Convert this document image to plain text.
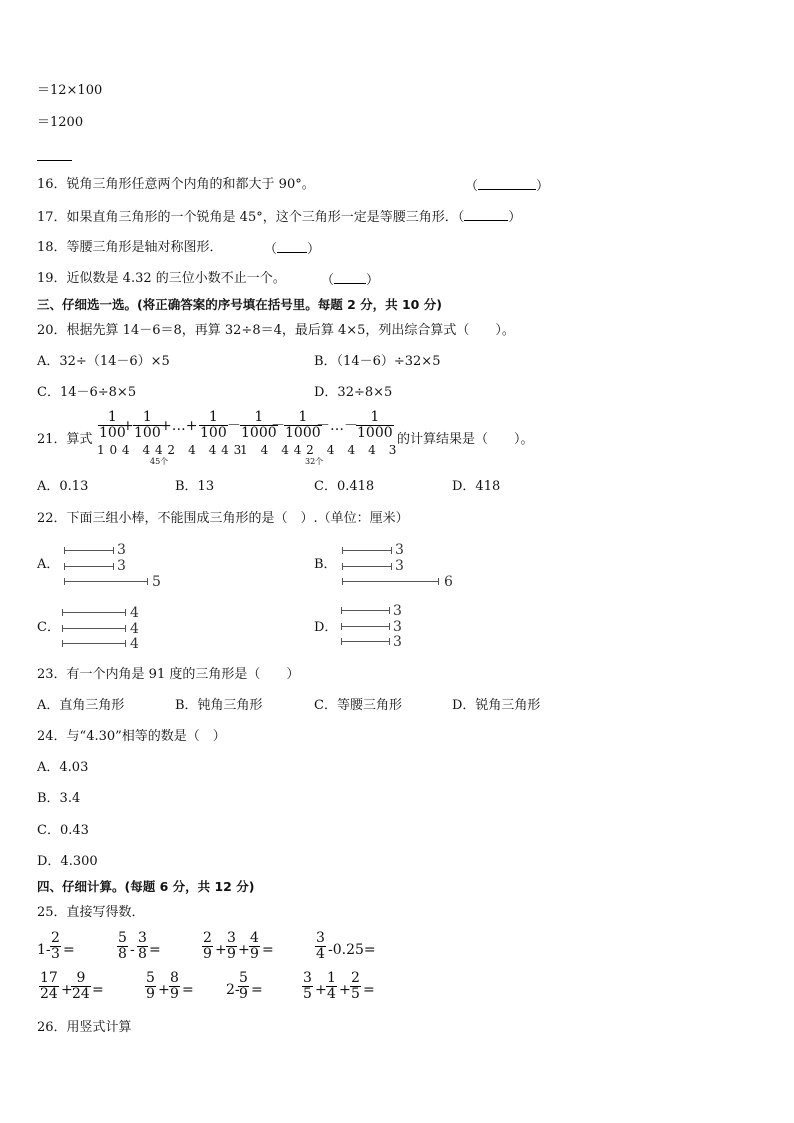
＝12×100
＝1200
16．锐角三角形任意两个内角的和都大于 90°。	（	）
17．如果直角三角形的一个锐角是 45°，这个三角形一定是等腰三角形．（	）
18．等腰三角形是轴对称图形．	（ ）
19．近似数是 4.32 的三位小数不止一个。	（ ）
三、仔细选一选。(将正确答案的序号填在括号里。每题 2 分，共 10 分)
20．根据先算 14－6＝8，再算 32÷8＝4，最后算 4×5，列出综合算式（　　）。
A．32÷（14－6）×5	B．（14－6）÷32×5
C．14－6÷8×5	D．32÷8×5
21．算式
1
100
+
1
100 +…+
1
100 －
1
1000
－
1
1000
－…－
1
1000
1 0 4　4 4 2　4　4 4 3
1　4　4 4 2　4　4　4　3
45个	32个
的计算结果是（　　）。
A．0.13	B．13	C．0.418	D．418
22．下面三组小棒，不能围成三角形的是（　）.（单位：厘米）
A．
3
3
5
B．
3
3
6
C．
4
4
4
D．
3
3
3
23．有一个内角是 91 度的三角形是（　　）
A．直角三角形	B．钝角三角形	C．等腰三角形	D．锐角三角形
24．与“4.30”相等的数是（　）
A．4.03
B．3.4
C．0.43
D．4.300
四、仔细计算。(每题 6 分，共 12 分)
25．直接写得数．
1-
2
3 =
5
8 -
3
8 =
2
9 +
3
9 +
4
9 =
3
4 -0.25=
17
24 +
9
24 =
5
9 +
8
9 = 2-
5
9 =
3
5 +
1
4 +
2
5 =
26．用竖式计算
